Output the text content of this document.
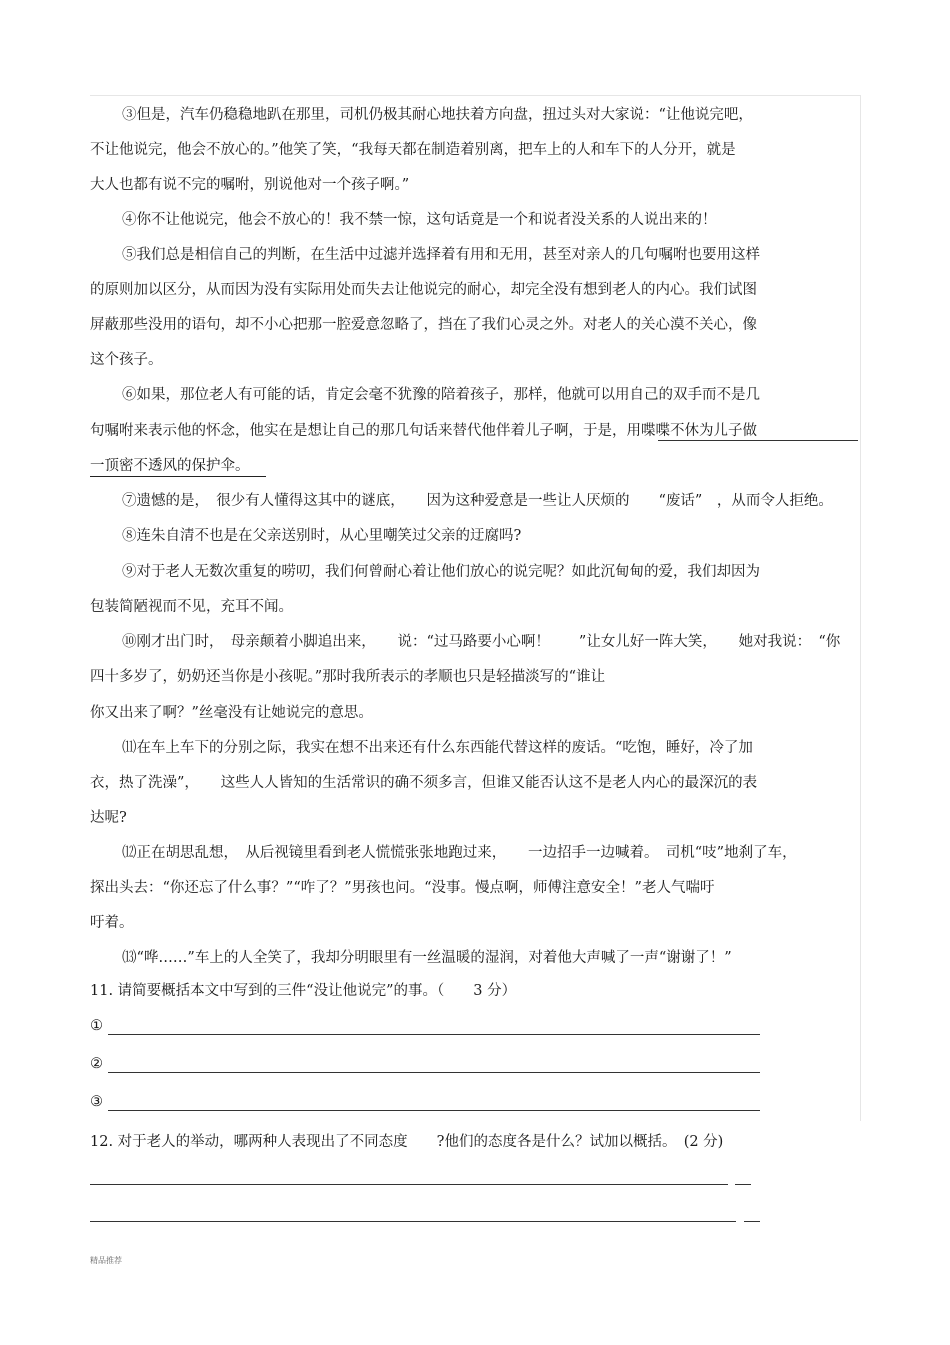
③但是，汽车仍稳稳地趴在那里，司机仍极其耐心地扶着方向盘，扭过头对大家说：“让他说完吧，
不让他说完，他会不放心的。”他笑了笑，“我每天都在制造着别离，把车上的人和车下的人分开，就是
大人也都有说不完的嘱咐，别说他对一个孩子啊。”
④你不让他说完，他会不放心的！我不禁一惊，这句话竟是一个和说者没关系的人说出来的！
⑤我们总是相信自己的判断，在生活中过滤并选择着有用和无用，甚至对亲人的几句嘱咐也要用这样
的原则加以区分，从而因为没有实际用处而失去让他说完的耐心，却完全没有想到老人的内心。我们试图
屏蔽那些没用的语句，却不小心把那一腔爱意忽略了，挡在了我们心灵之外。对老人的关心漠不关心，像
这个孩子。
⑥如果，那位老人有可能的话，肯定会毫不犹豫的陪着孩子，那样，他就可以用自己的双手而不是几
句嘱咐来表示他的怀念，他实在是想让自己的那几句话来替代他伴着儿子啊，于是，用喋喋不休为儿子做
一顶密不透风的保护伞。
⑦遗憾的是，　很少有人懂得这其中的谜底，　　因为这种爱意是一些让人厌烦的　　“废话”　，从而令人拒绝。
⑧连朱自清不也是在父亲送别时，从心里嘲笑过父亲的迂腐吗?
⑨对于老人无数次重复的唠叨，我们何曾耐心着让他们放心的说完呢？如此沉甸甸的爱，我们却因为
包装简陋视而不见，充耳不闻。
⑩刚才出门时，　母亲颠着小脚追出来，　　说：“过马路要小心啊！　　”让女儿好一阵大笑，　　她对我说：　“你
四十多岁了，奶奶还当你是小孩呢。”那时我所表示的孝顺也只是轻描淡写的“谁让
你又出来了啊？”丝毫没有让她说完的意思。
⑾在车上车下的分别之际，我实在想不出来还有什么东西能代替这样的废话。“吃饱，睡好，冷了加
衣，热了洗澡”，　　这些人人皆知的生活常识的确不须多言，但谁又能否认这不是老人内心的最深沉的表
达呢?
⑿正在胡思乱想，　从后视镜里看到老人慌慌张张地跑过来，　　一边招手一边喊着。　司机“吱”地刹了车，
探出头去：“你还忘了什么事？”“咋了？”男孩也问。“没事。慢点啊，师傅注意安全！”老人气喘吁
吁着。
⒀“哗……”车上的人全笑了，我却分明眼里有一丝温暖的湿润，对着他大声喊了一声“谢谢了！”
11. 请简要概括本文中写到的三件“没让他说完”的事。（　　3 分）
①
②
③
12. 对于老人的举动，哪两种人表现出了不同态度　　?他们的态度各是什么？试加以概括。　(2 分)
精品推荐
